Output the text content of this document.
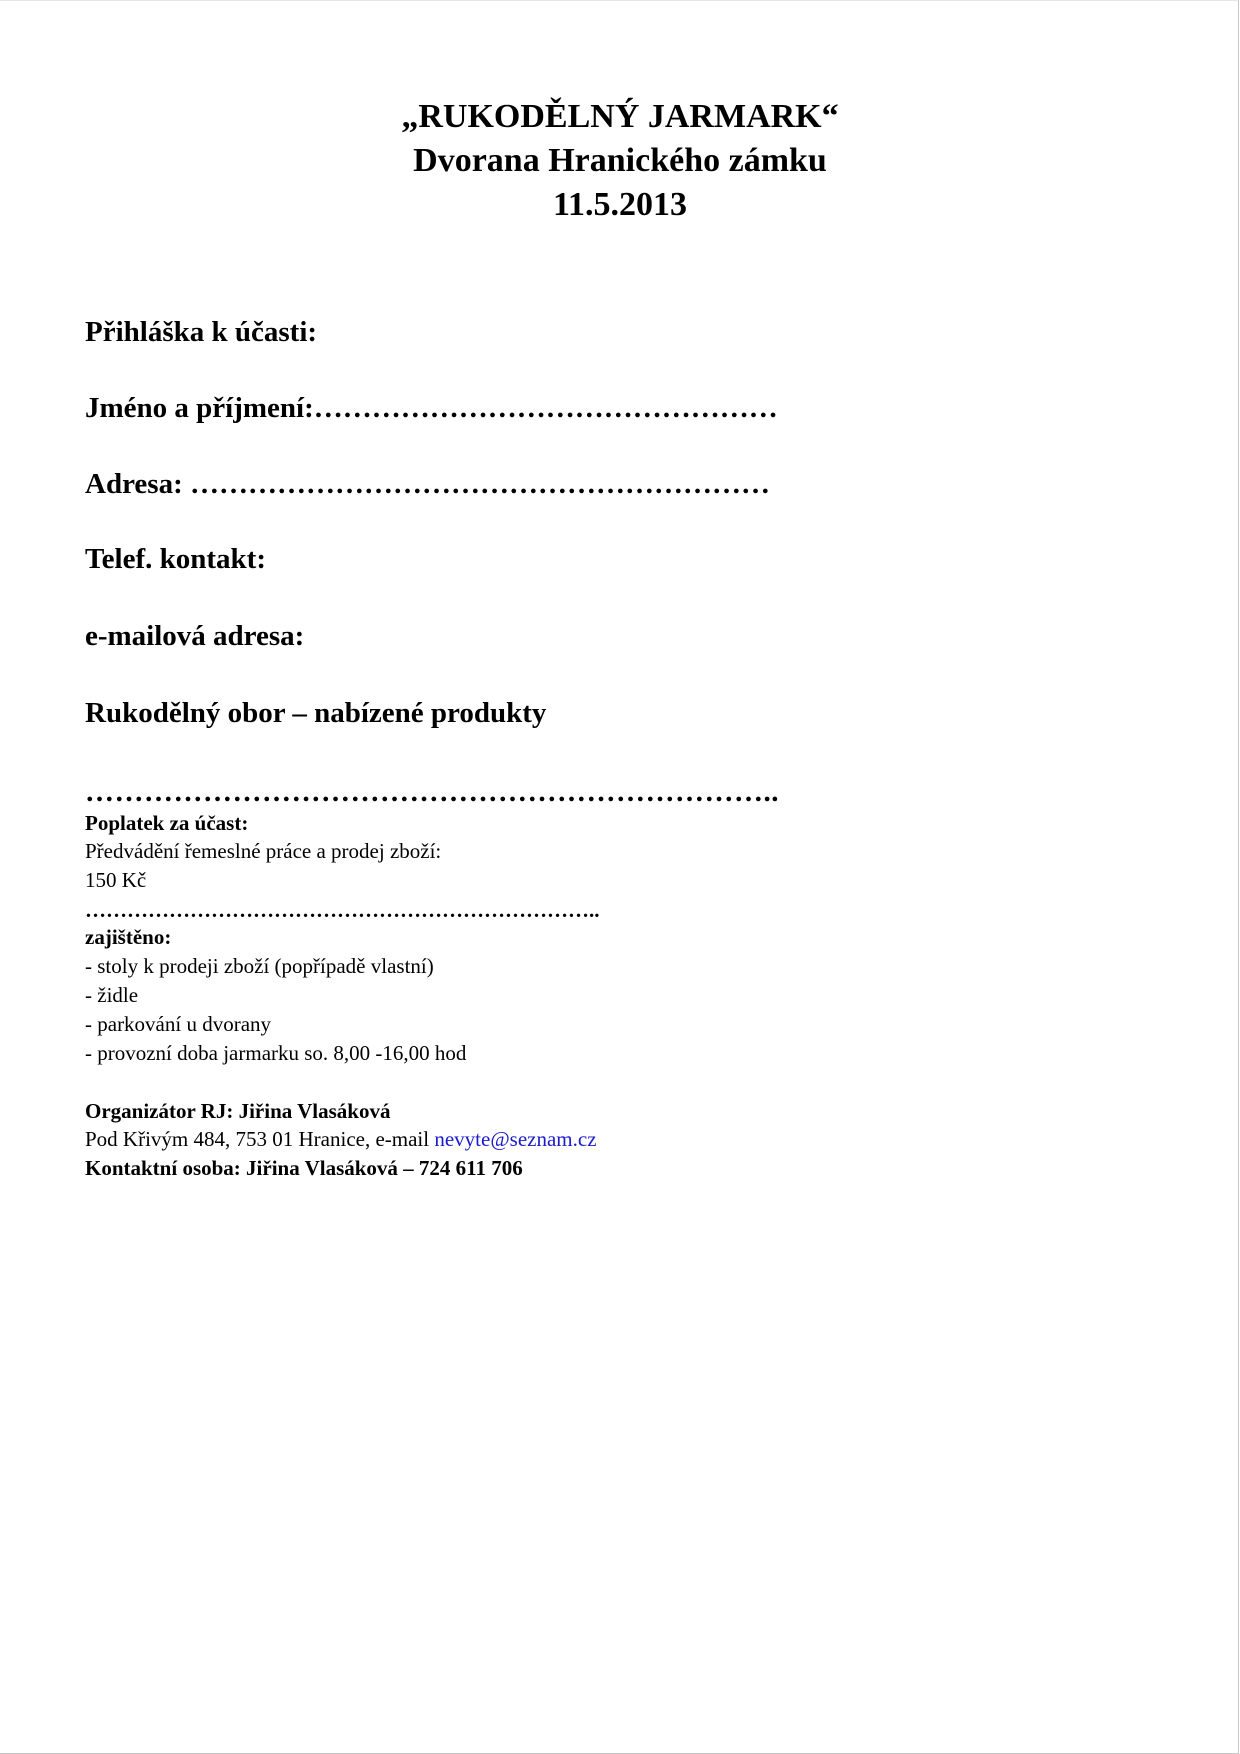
„RUKODĚLNÝ JARMARK“
Dvorana Hranického zámku
11.5.2013
Přihláška k účasti:
Jméno a příjmení:…………………………………………
Adresa: ……………………………………………………
Telef. kontakt:
e-mailová adresa:
Rukodělný obor – nabízené produkty
……………………………………………………………..
Poplatek za účast:
Předvádění řemeslné práce a prodej zboží:
150 Kč
………………………………………………………………..
zajištěno:
- stoly k prodeji zboží (popřípadě vlastní)
- židle
- parkování u dvorany
- provozní doba jarmarku so. 8,00 -16,00 hod
Organizátor RJ: Jiřina Vlasáková
Pod Křivým 484, 753 01 Hranice, e-mail nevyte@seznam.cz
Kontaktní osoba: Jiřina Vlasáková – 724 611 706
